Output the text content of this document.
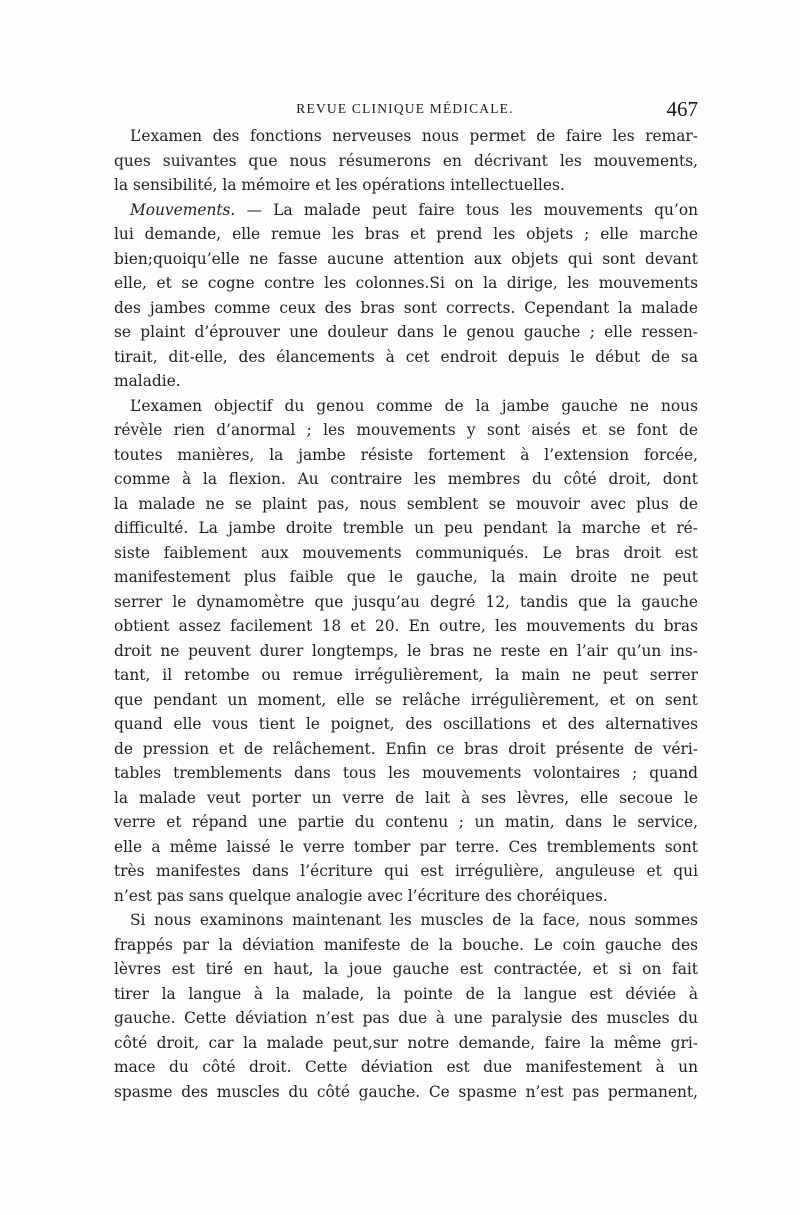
REVUE CLINIQUE MÉDICALE.	467
L’examen des fonctions nerveuses nous permet de faire les remar-
ques suivantes que nous résumerons en décrivant les mouvements,
la sensibilité, la mémoire et les opérations intellectuelles.
Mouvements. — La malade peut faire tous les mouvements qu’on
lui demande, elle remue les bras et prend les objets ; elle marche
bien;quoiqu’elle ne fasse aucune attention aux objets qui sont devant
elle, et se cogne contre les colonnes.Si on la dirige, les mouvements
des jambes comme ceux des bras sont corrects. Cependant la malade
se plaint d’éprouver une douleur dans le genou gauche ; elle ressen-
tirait, dit-elle, des élancements à cet endroit depuis le début de sa
maladie.
L’examen objectif du genou comme de la jambe gauche ne nous
révèle rien d’anormal ; les mouvements y sont aisés et se font de
toutes manières, la jambe résiste fortement à l’extension forcée,
comme à la flexion. Au contraire les membres du côté droit, dont
la malade ne se plaint pas, nous semblent se mouvoir avec plus de
difficulté. La jambe droite tremble un peu pendant la marche et ré-
siste faiblement aux mouvements communiqués. Le bras droit est
manifestement plus faible que le gauche, la main droite ne peut
serrer le dynamomètre que jusqu’au degré 12, tandis que la gauche
obtient assez facilement 18 et 20. En outre, les mouvements du bras
droit ne peuvent durer longtemps, le bras ne reste en l’air qu’un ins-
tant, il retombe ou remue irrégulièrement, la main ne peut serrer
que pendant un moment, elle se relâche irrégulièrement, et on sent
quand elle vous tient le poignet, des oscillations et des alternatives
de pression et de relâchement. Enfin ce bras droit présente de véri-
tables tremblements dans tous les mouvements volontaires ; quand
la malade veut porter un verre de lait à ses lèvres, elle secoue le
verre et répand une partie du contenu ; un matin, dans le service,
elle a même laissé le verre tomber par terre. Ces tremblements sont
très manifestes dans l’écriture qui est irrégulière, anguleuse et qui
n’est pas sans quelque analogie avec l’écriture des choréiques.
Si nous examinons maintenant les muscles de la face, nous sommes
frappés par la déviation manifeste de la bouche. Le coin gauche des
lèvres est tiré en haut, la joue gauche est contractée, et si on fait
tirer la langue à la malade, la pointe de la langue est déviée à
gauche. Cette déviation n’est pas due à une paralysie des muscles du
côté droit, car la malade peut,sur notre demande, faire la même gri-
mace du côté droit. Cette déviation est due manifestement à un
spasme des muscles du côté gauche. Ce spasme n’est pas permanent,
